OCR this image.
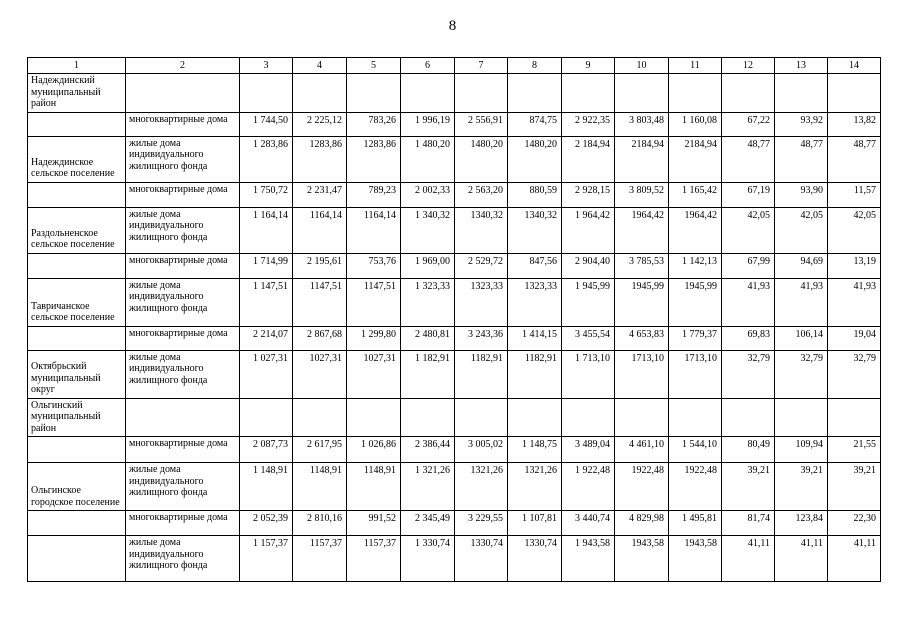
8
1	2	3	4	5	6	7	8	9	10	11	12	13	14
Надеждинский муниципальный район													
	многоквартирные дома	1 744,50	2 225,12	783,26	1 996,19	2 556,91	874,75	2 922,35	3 803,48	1 160,08	67,22	93,92	13,82
Надеждинское сельское поселение	жилые дома индивидуального жилищного фонда	1 283,86	1283,86	1283,86	1 480,20	1480,20	1480,20	2 184,94	2184,94	2184,94	48,77	48,77	48,77
	многоквартирные дома	1 750,72	2 231,47	789,23	2 002,33	2 563,20	880,59	2 928,15	3 809,52	1 165,42	67,19	93,90	11,57
Раздольненское сельское поселение	жилые дома индивидуального жилищного фонда	1 164,14	1164,14	1164,14	1 340,32	1340,32	1340,32	1 964,42	1964,42	1964,42	42,05	42,05	42,05
	многоквартирные дома	1 714,99	2 195,61	753,76	1 969,00	2 529,72	847,56	2 904,40	3 785,53	1 142,13	67,99	94,69	13,19
Тавричанское сельское поселение	жилые дома индивидуального жилищного фонда	1 147,51	1147,51	1147,51	1 323,33	1323,33	1323,33	1 945,99	1945,99	1945,99	41,93	41,93	41,93
	многоквартирные дома	2 214,07	2 867,68	1 299,80	2 480,81	3 243,36	1 414,15	3 455,54	4 653,83	1 779,37	69,83	106,14	19,04
Октябрьский муниципальный округ	жилые дома индивидуального жилищного фонда	1 027,31	1027,31	1027,31	1 182,91	1182,91	1182,91	1 713,10	1713,10	1713,10	32,79	32,79	32,79
Ольгинский муниципальный район													
	многоквартирные дома	2 087,73	2 617,95	1 026,86	2 386,44	3 005,02	1 148,75	3 489,04	4 461,10	1 544,10	80,49	109,94	21,55
Ольгинское городское поселение	жилые дома индивидуального жилищного фонда	1 148,91	1148,91	1148,91	1 321,26	1321,26	1321,26	1 922,48	1922,48	1922,48	39,21	39,21	39,21
	многоквартирные дома	2 052,39	2 810,16	991,52	2 345,49	3 229,55	1 107,81	3 440,74	4 829,98	1 495,81	81,74	123,84	22,30
	жилые дома индивидуального жилищного фонда	1 157,37	1157,37	1157,37	1 330,74	1330,74	1330,74	1 943,58	1943,58	1943,58	41,11	41,11	41,11
